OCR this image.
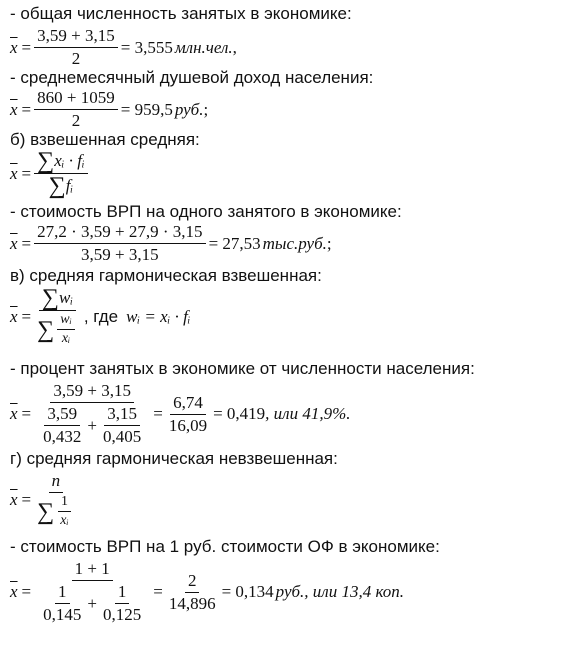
- общая численность занятых в экономике:
$\overline{x} = \frac{3,59 + 3,15}{2} = 3,555$ млн.чел. ,
- среднемесячный душевой доход населения:
$\overline{x} = \frac{860 + 1059}{2} = 959,5$ руб. ;
б) взвешенная средняя:
$\overline{x} = \frac{\text{∑ xᵢ · fᵢ}}{\text{∑ fᵢ}}$
- стоимость ВРП на одного занятого в экономике:
$\overline{x} = \frac{27,2 \cdot 3,59 + 27,9 \cdot 3,15}{3,59 + 3,15} = 27,53$ тыс.руб. ;
в) средняя гармоническая взвешенная:
$\overline{x} = \frac{\text{∑ wᵢ}}{\sum \frac{\text{wᵢ}}{\text{xᵢ}}}$ , где wᵢ = xᵢ · fᵢ
- процент занятых в экономике от численности населения:
$\overline{x}$ =
3,59 + 3,15
$\frac{3,59}{0,432} + \frac{3,15}{0,405} = \frac{6,74}{16,09} = 0,419$ , или 41,9%.
г) средняя гармоническая невзвешенная:
$\overline{x} = \frac{n}{\sum \frac{1}{\text{xᵢ}}}$
- стоимость ВРП на 1 руб. стоимости ОФ в экономике:
$\overline{x}$ =
1 + 1
$\frac{1}{0,145} + \frac{1}{0,125} = \frac{2}{14,896} = 0,134$ руб. , или 13,4 коп.
